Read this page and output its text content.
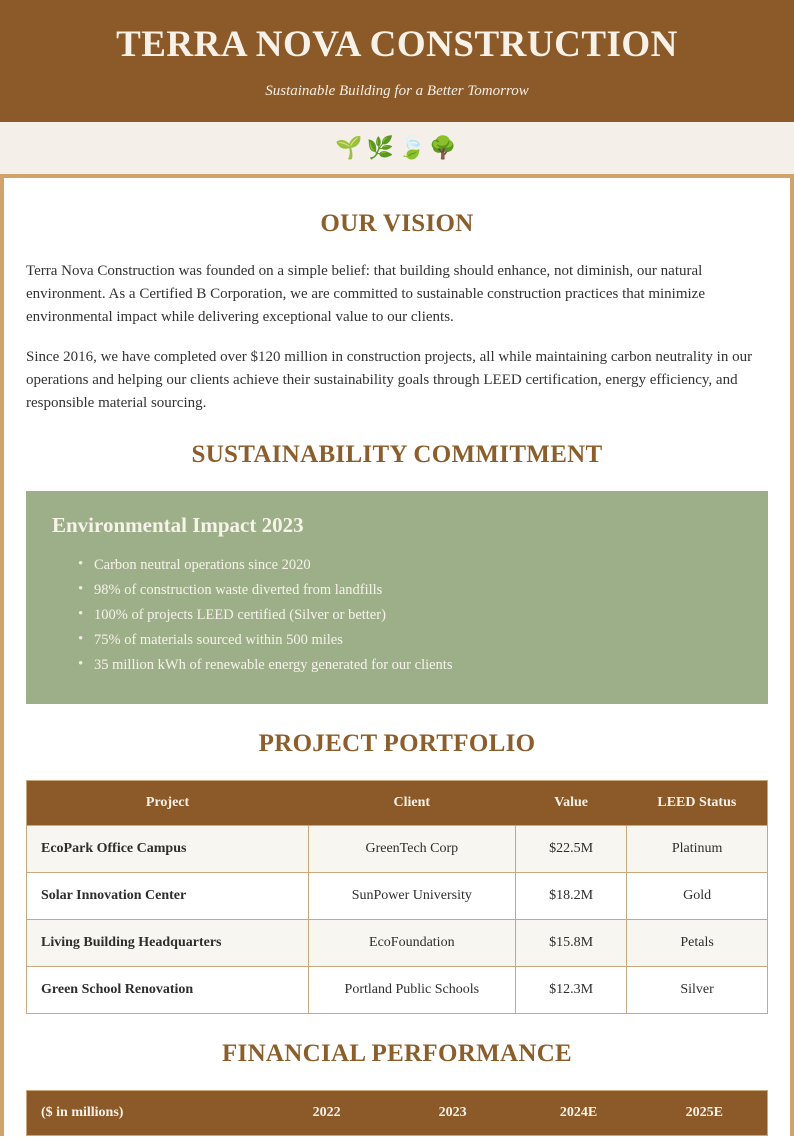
TERRA NOVA CONSTRUCTION

Sustainable Building for a Better Tomorrow

🌱🌿🍃🌳
OUR VISION

Terra Nova Construction was founded on a simple belief: that building should enhance, not diminish, our natural environment. As a Certified B Corporation, we are committed to sustainable construction practices that minimize environmental impact while delivering exceptional value to our clients.

Since 2016, we have completed over $120 million in construction projects, all while maintaining carbon neutrality in our operations and helping our clients achieve their sustainability goals through LEED certification, energy efficiency, and responsible material sourcing.

SUSTAINABILITY COMMITMENT
Environmental Impact 2023
• Carbon neutral operations since 2020
• 98% of construction waste diverted from landfills
• 100% of projects LEED certified (Silver or better)
• 75% of materials sourced within 500 miles
• 35 million kWh of renewable energy generated for our clients
PROJECT PORTFOLIO
Project	Client	Value	LEED Status
EcoPark Office Campus	GreenTech Corp	$22.5M	Platinum
Solar Innovation Center	SunPower University	$18.2M	Gold
Living Building Headquarters	EcoFoundation	$15.8M	Petals
Green School Renovation	Portland Public Schools	$12.3M	Silver
FINANCIAL PERFORMANCE
($ in millions)	2022	2023	2024E	2025E
